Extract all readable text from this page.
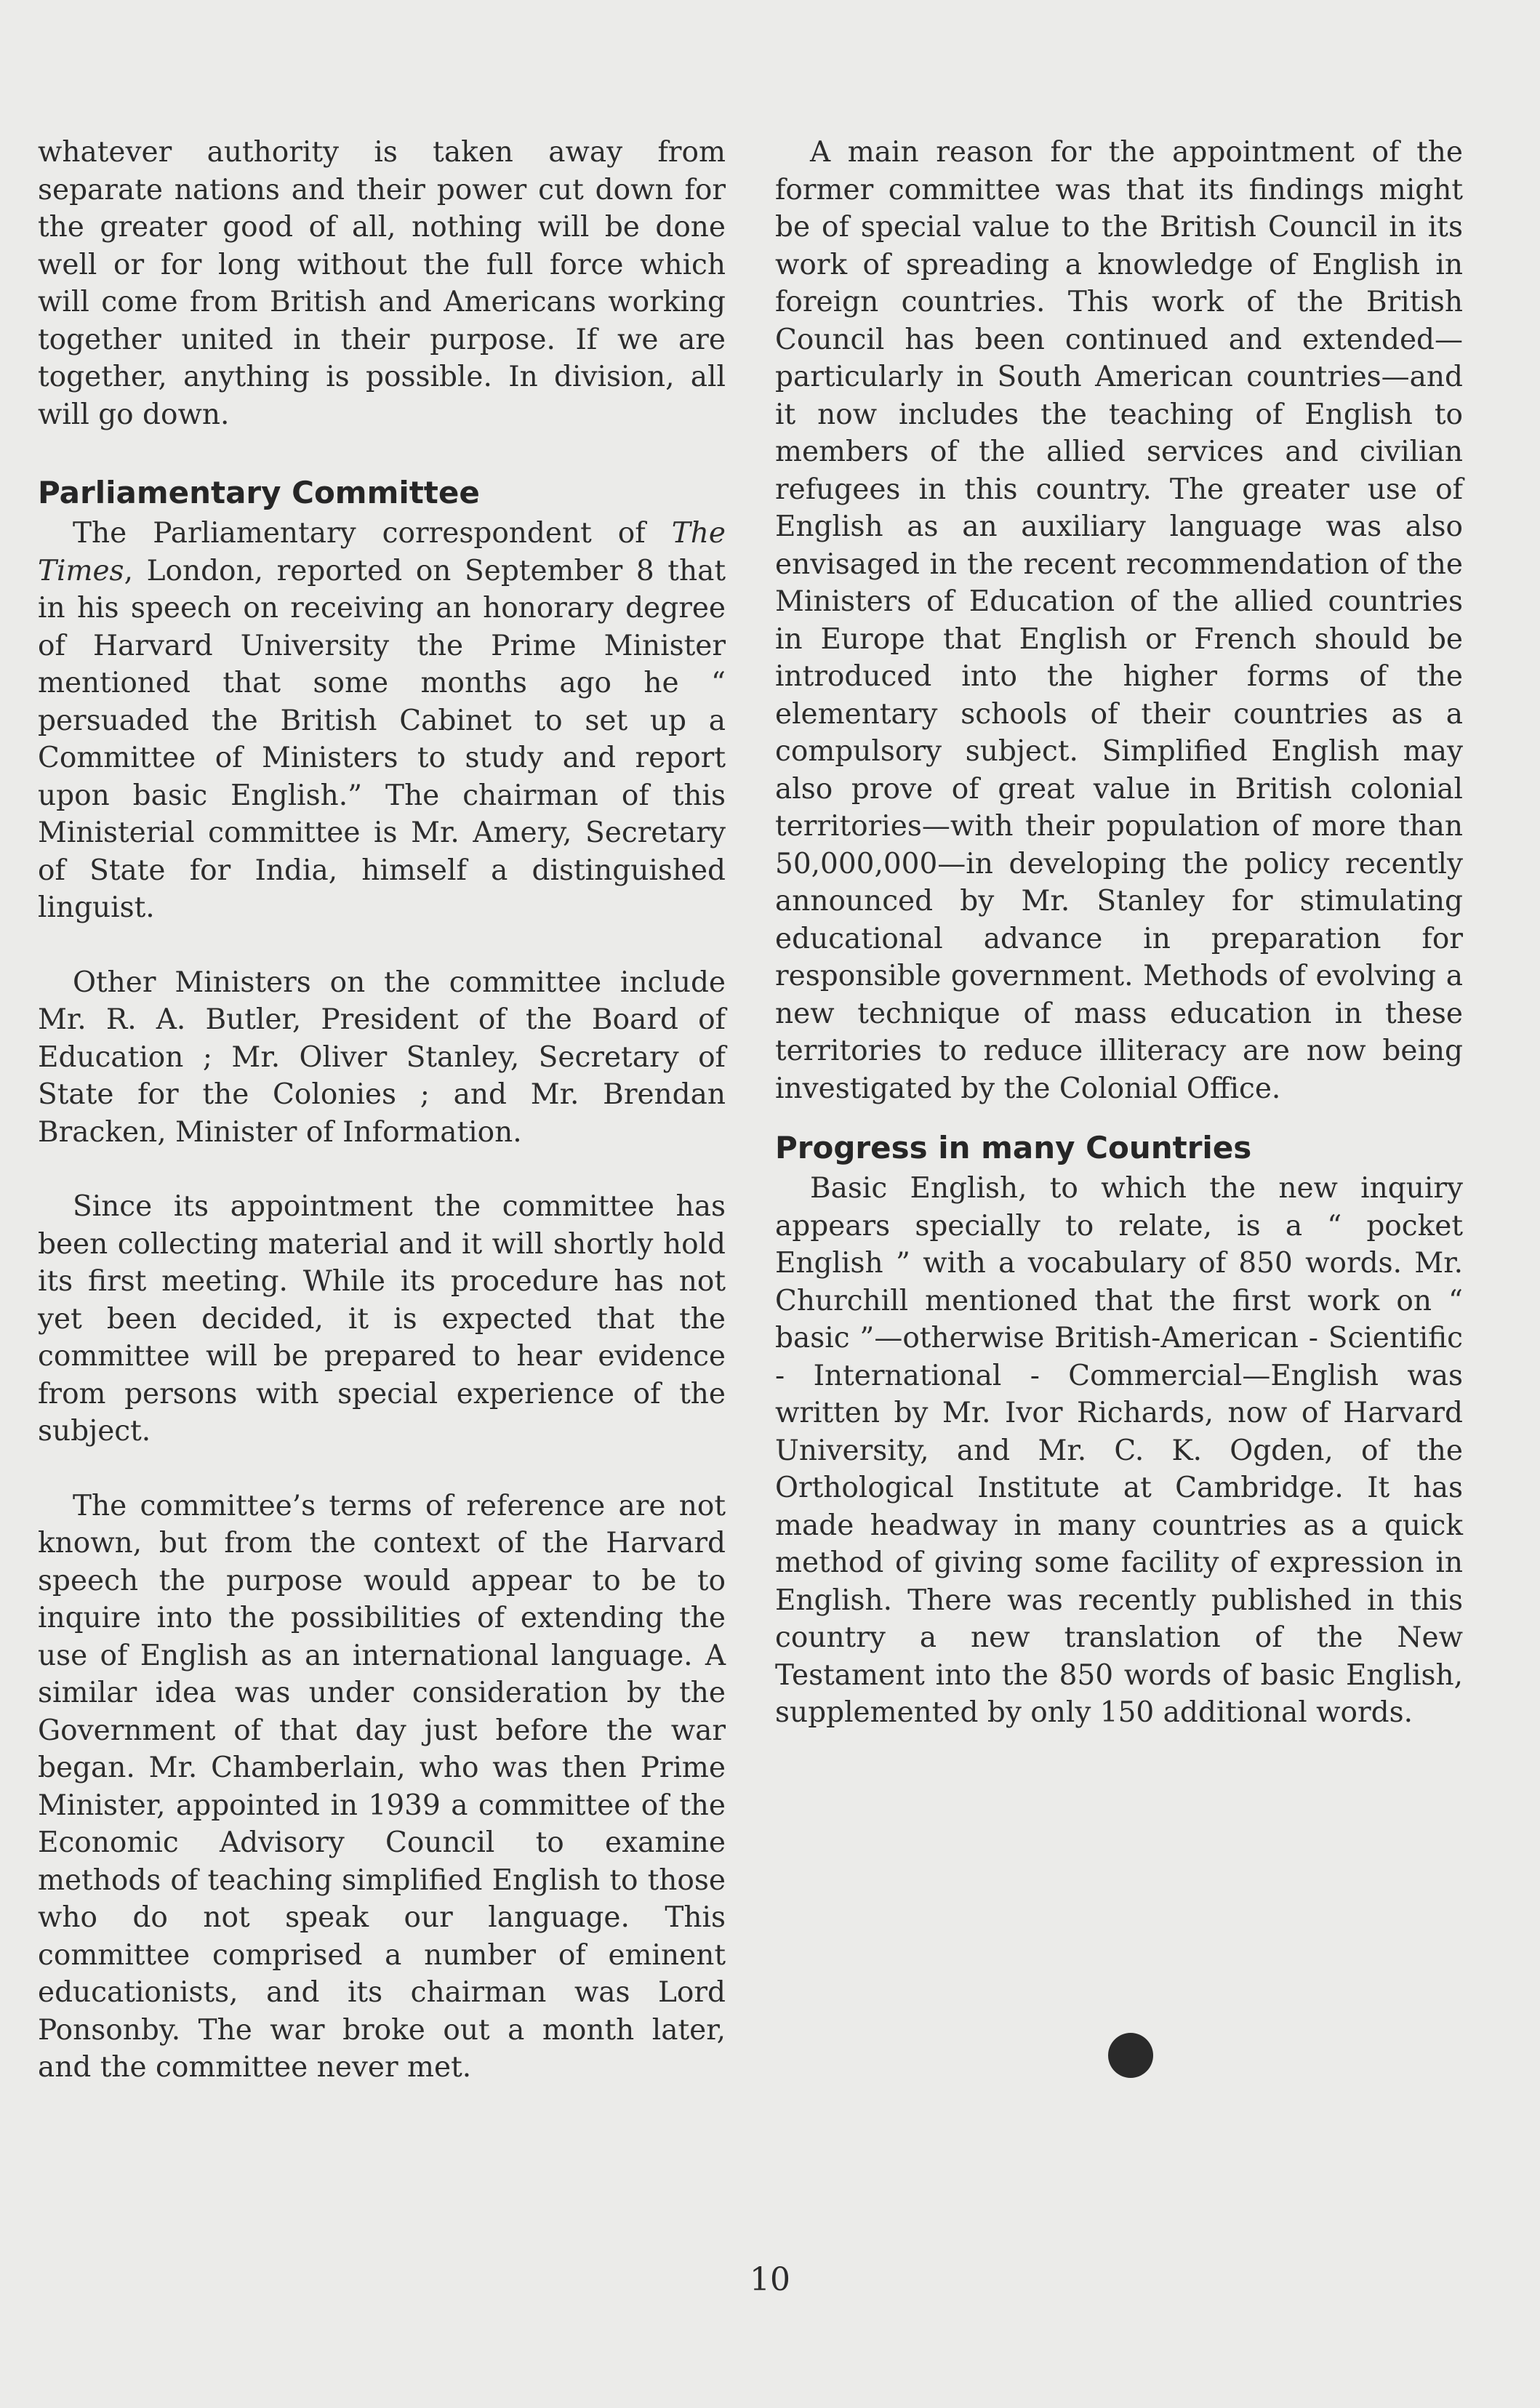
whatever authority is taken away from separate nations and their power cut down for the greater good of all, nothing will be done well or for long without the full force which will come from British and Americans working together united in their purpose. If we are together, anything is possible. In division, all will go down.

Parliamentary Committee

The Parliamentary correspondent of The Times, London, reported on September 8 that in his speech on receiving an honorary degree of Harvard University the Prime Minister mentioned that some months ago he “ persuaded the British Cabinet to set up a Committee of Ministers to study and report upon basic English.” The chairman of this Ministerial committee is Mr. Amery, Secretary of State for India, himself a distinguished linguist.

Other Ministers on the committee include Mr. R. A. Butler, President of the Board of Education ; Mr. Oliver Stanley, Secretary of State for the Colonies ; and Mr. Brendan Bracken, Minister of Information.

Since its appointment the committee has been collecting material and it will shortly hold its first meeting. While its procedure has not yet been decided, it is expected that the committee will be prepared to hear evidence from persons with special experience of the subject.

The committee’s terms of reference are not known, but from the context of the Harvard speech the purpose would appear to be to inquire into the possibilities of extending the use of English as an international language. A similar idea was under consideration by the Government of that day just before the war began. Mr. Chamberlain, who was then Prime Minister, appointed in 1939 a committee of the Economic Advisory Council to examine methods of teaching simplified English to those who do not speak our language. This committee comprised a number of eminent educationists, and its chairman was Lord Ponsonby. The war broke out a month later, and the committee never met.

A main reason for the appointment of the former committee was that its findings might be of special value to the British Council in its work of spreading a knowledge of English in foreign countries. This work of the British Council has been continued and extended—particularly in South American countries—and it now includes the teaching of English to members of the allied services and civilian refugees in this country. The greater use of English as an auxiliary language was also envisaged in the recent recommendation of the Ministers of Education of the allied countries in Europe that English or French should be introduced into the higher forms of the elementary schools of their countries as a compulsory subject. Simplified English may also prove of great value in British colonial territories—with their population of more than 50,000,000—in developing the policy recently announced by Mr. Stanley for stimulating educational advance in preparation for responsible government. Methods of evolving a new technique of mass education in these territories to reduce illiteracy are now being investigated by the Colonial Office.

Progress in many Countries

Basic English, to which the new inquiry appears specially to relate, is a “ pocket English ” with a vocabulary of 850 words. Mr. Churchill mentioned that the first work on “ basic ”—otherwise British-American - Scientific - International - Commercial—English was written by Mr. Ivor Richards, now of Harvard University, and Mr. C. K. Ogden, of the Orthological Institute at Cambridge. It has made headway in many countries as a quick method of giving some facility of expression in English. There was recently published in this country a new translation of the New Testament into the 850 words of basic English, supplemented by only 150 additional words.

10
